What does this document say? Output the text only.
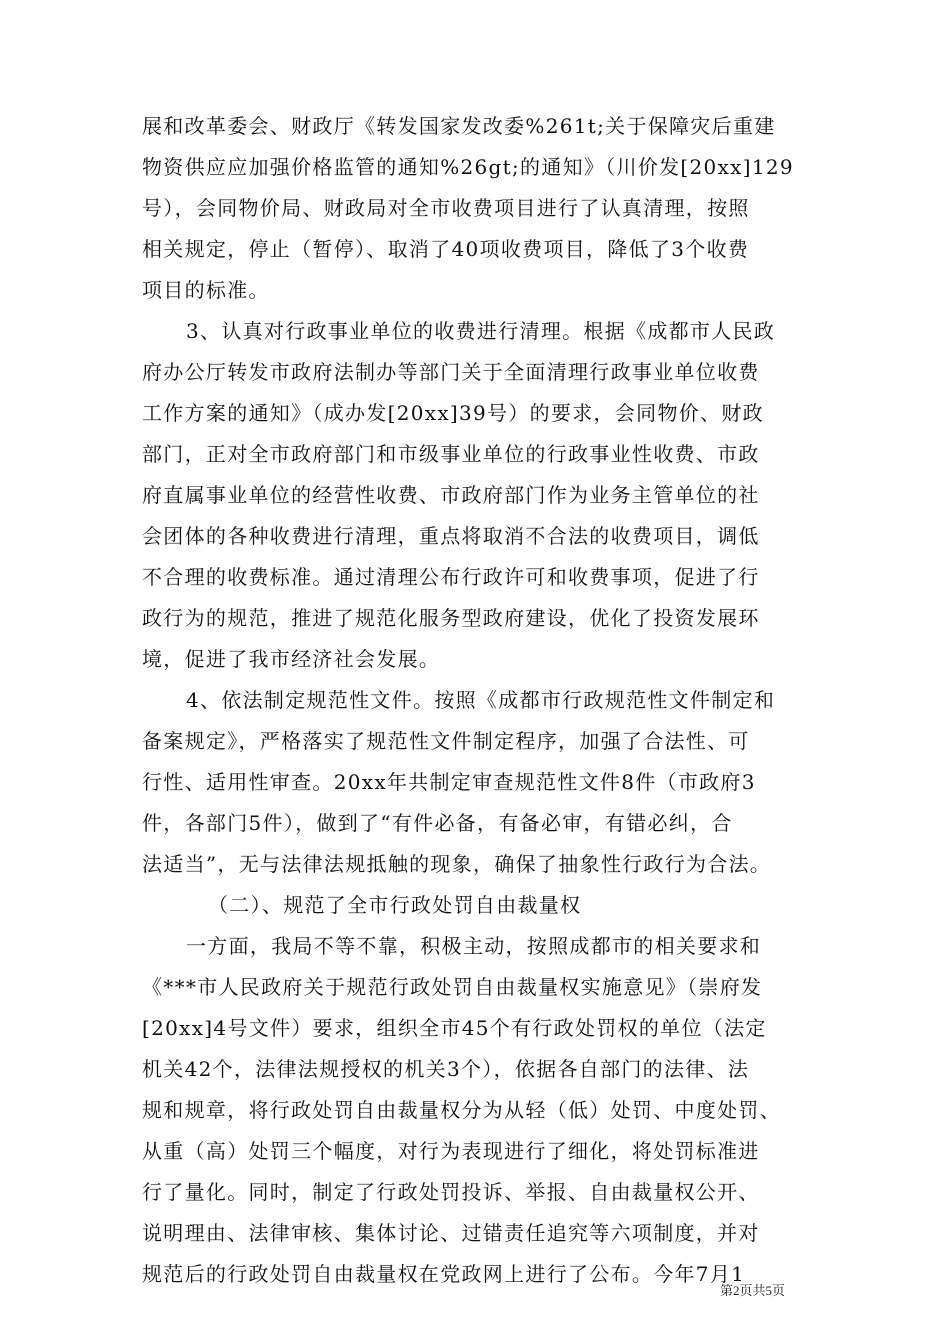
展和改革委会、财政厅《转发国家发改委%261t;关于保障灾后重建
物资供应应加强价格监管的通知%26gt;的通知》（川价发[20xx]129
号），会同物价局、财政局对全市收费项目进行了认真清理，按照
相关规定，停止（暂停）、取消了40项收费项目，降低了3个收费
项目的标准。
3、认真对行政事业单位的收费进行清理。根据《成都市人民政
府办公厅转发市政府法制办等部门关于全面清理行政事业单位收费
工作方案的通知》（成办发[20xx]39号）的要求，会同物价、财政
部门，正对全市政府部门和市级事业单位的行政事业性收费、市政
府直属事业单位的经营性收费、市政府部门作为业务主管单位的社
会团体的各种收费进行清理，重点将取消不合法的收费项目，调低
不合理的收费标准。通过清理公布行政许可和收费事项，促进了行
政行为的规范，推进了规范化服务型政府建设，优化了投资发展环
境，促进了我市经济社会发展。
4、依法制定规范性文件。按照《成都市行政规范性文件制定和
备案规定》，严格落实了规范性文件制定程序，加强了合法性、可
行性、适用性审查。20xx年共制定审查规范性文件8件（市政府3
件，各部门5件），做到了“有件必备，有备必审，有错必纠，合
法适当”，无与法律法规抵触的现象，确保了抽象性行政行为合法。
（二）、规范了全市行政处罚自由裁量权
一方面，我局不等不靠，积极主动，按照成都市的相关要求和
《***市人民政府关于规范行政处罚自由裁量权实施意见》（崇府发
[20xx]4号文件）要求，组织全市45个有行政处罚权的单位（法定
机关42个，法律法规授权的机关3个），依据各自部门的法律、法
规和规章，将行政处罚自由裁量权分为从轻（低）处罚、中度处罚、
从重（高）处罚三个幅度，对行为表现进行了细化，将处罚标准进
行了量化。同时，制定了行政处罚投诉、举报、自由裁量权公开、
说明理由、法律审核、集体讨论、过错责任追究等六项制度，并对
规范后的行政处罚自由裁量权在党政网上进行了公布。今年7月1
第2页共5页
